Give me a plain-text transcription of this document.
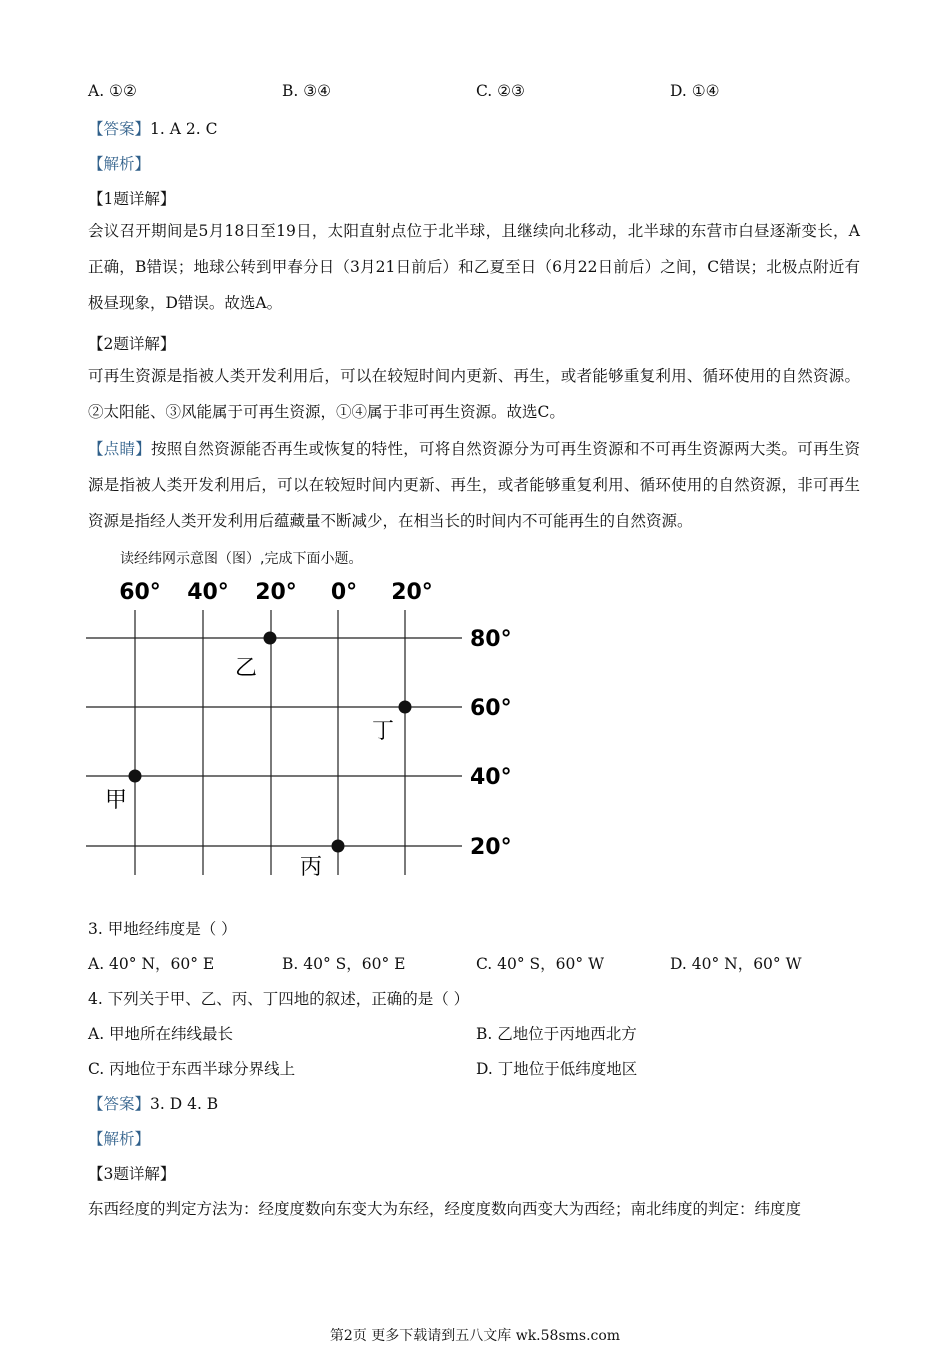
A. ①②	B. ③④	C. ②③	D. ①④
【答案】1. A 2. C
【解析】
【1题详解】
会议召开期间是5月18日至19日，太阳直射点位于北半球，且继续向北移动，北半球的东营市白昼逐渐变长，A正确，B错误；地球公转到甲春分日（3月21日前后）和乙夏至日（6月22日前后）之间，C错误；北极点附近有极昼现象，D错误。故选A。
【2题详解】
可再生资源是指被人类开发利用后，可以在较短时间内更新、再生，或者能够重复利用、循环使用的自然资源。②太阳能、③风能属于可再生资源，①④属于非可再生资源。故选C。
【点睛】按照自然资源能否再生或恢复的特性，可将自然资源分为可再生资源和不可再生资源两大类。可再生资源是指被人类开发利用后，可以在较短时间内更新、再生，或者能够重复利用、循环使用的自然资源，非可再生资源是指经人类开发利用后蕴藏量不断减少，在相当长的时间内不可能再生的自然资源。
读经纬网示意图（图）,完成下面小题。
60° 40° 20° 0° 20°
80°
60°
40°
20°
乙
丁
甲
丙
3. 甲地经纬度是（ ）
A. 40° N，60° E	B. 40° S，60° E	C. 40° S，60° W	D. 40° N，60° W
4. 下列关于甲、乙、丙、丁四地的叙述，正确的是（ ）
A. 甲地所在纬线最长	B. 乙地位于丙地西北方
C. 丙地位于东西半球分界线上	D. 丁地位于低纬度地区
【答案】3. D 4. B
【解析】
【3题详解】
东西经度的判定方法为：经度度数向东变大为东经，经度度数向西变大为西经；南北纬度的判定：纬度度
第2页 更多下载请到五八文库 wk.58sms.com
